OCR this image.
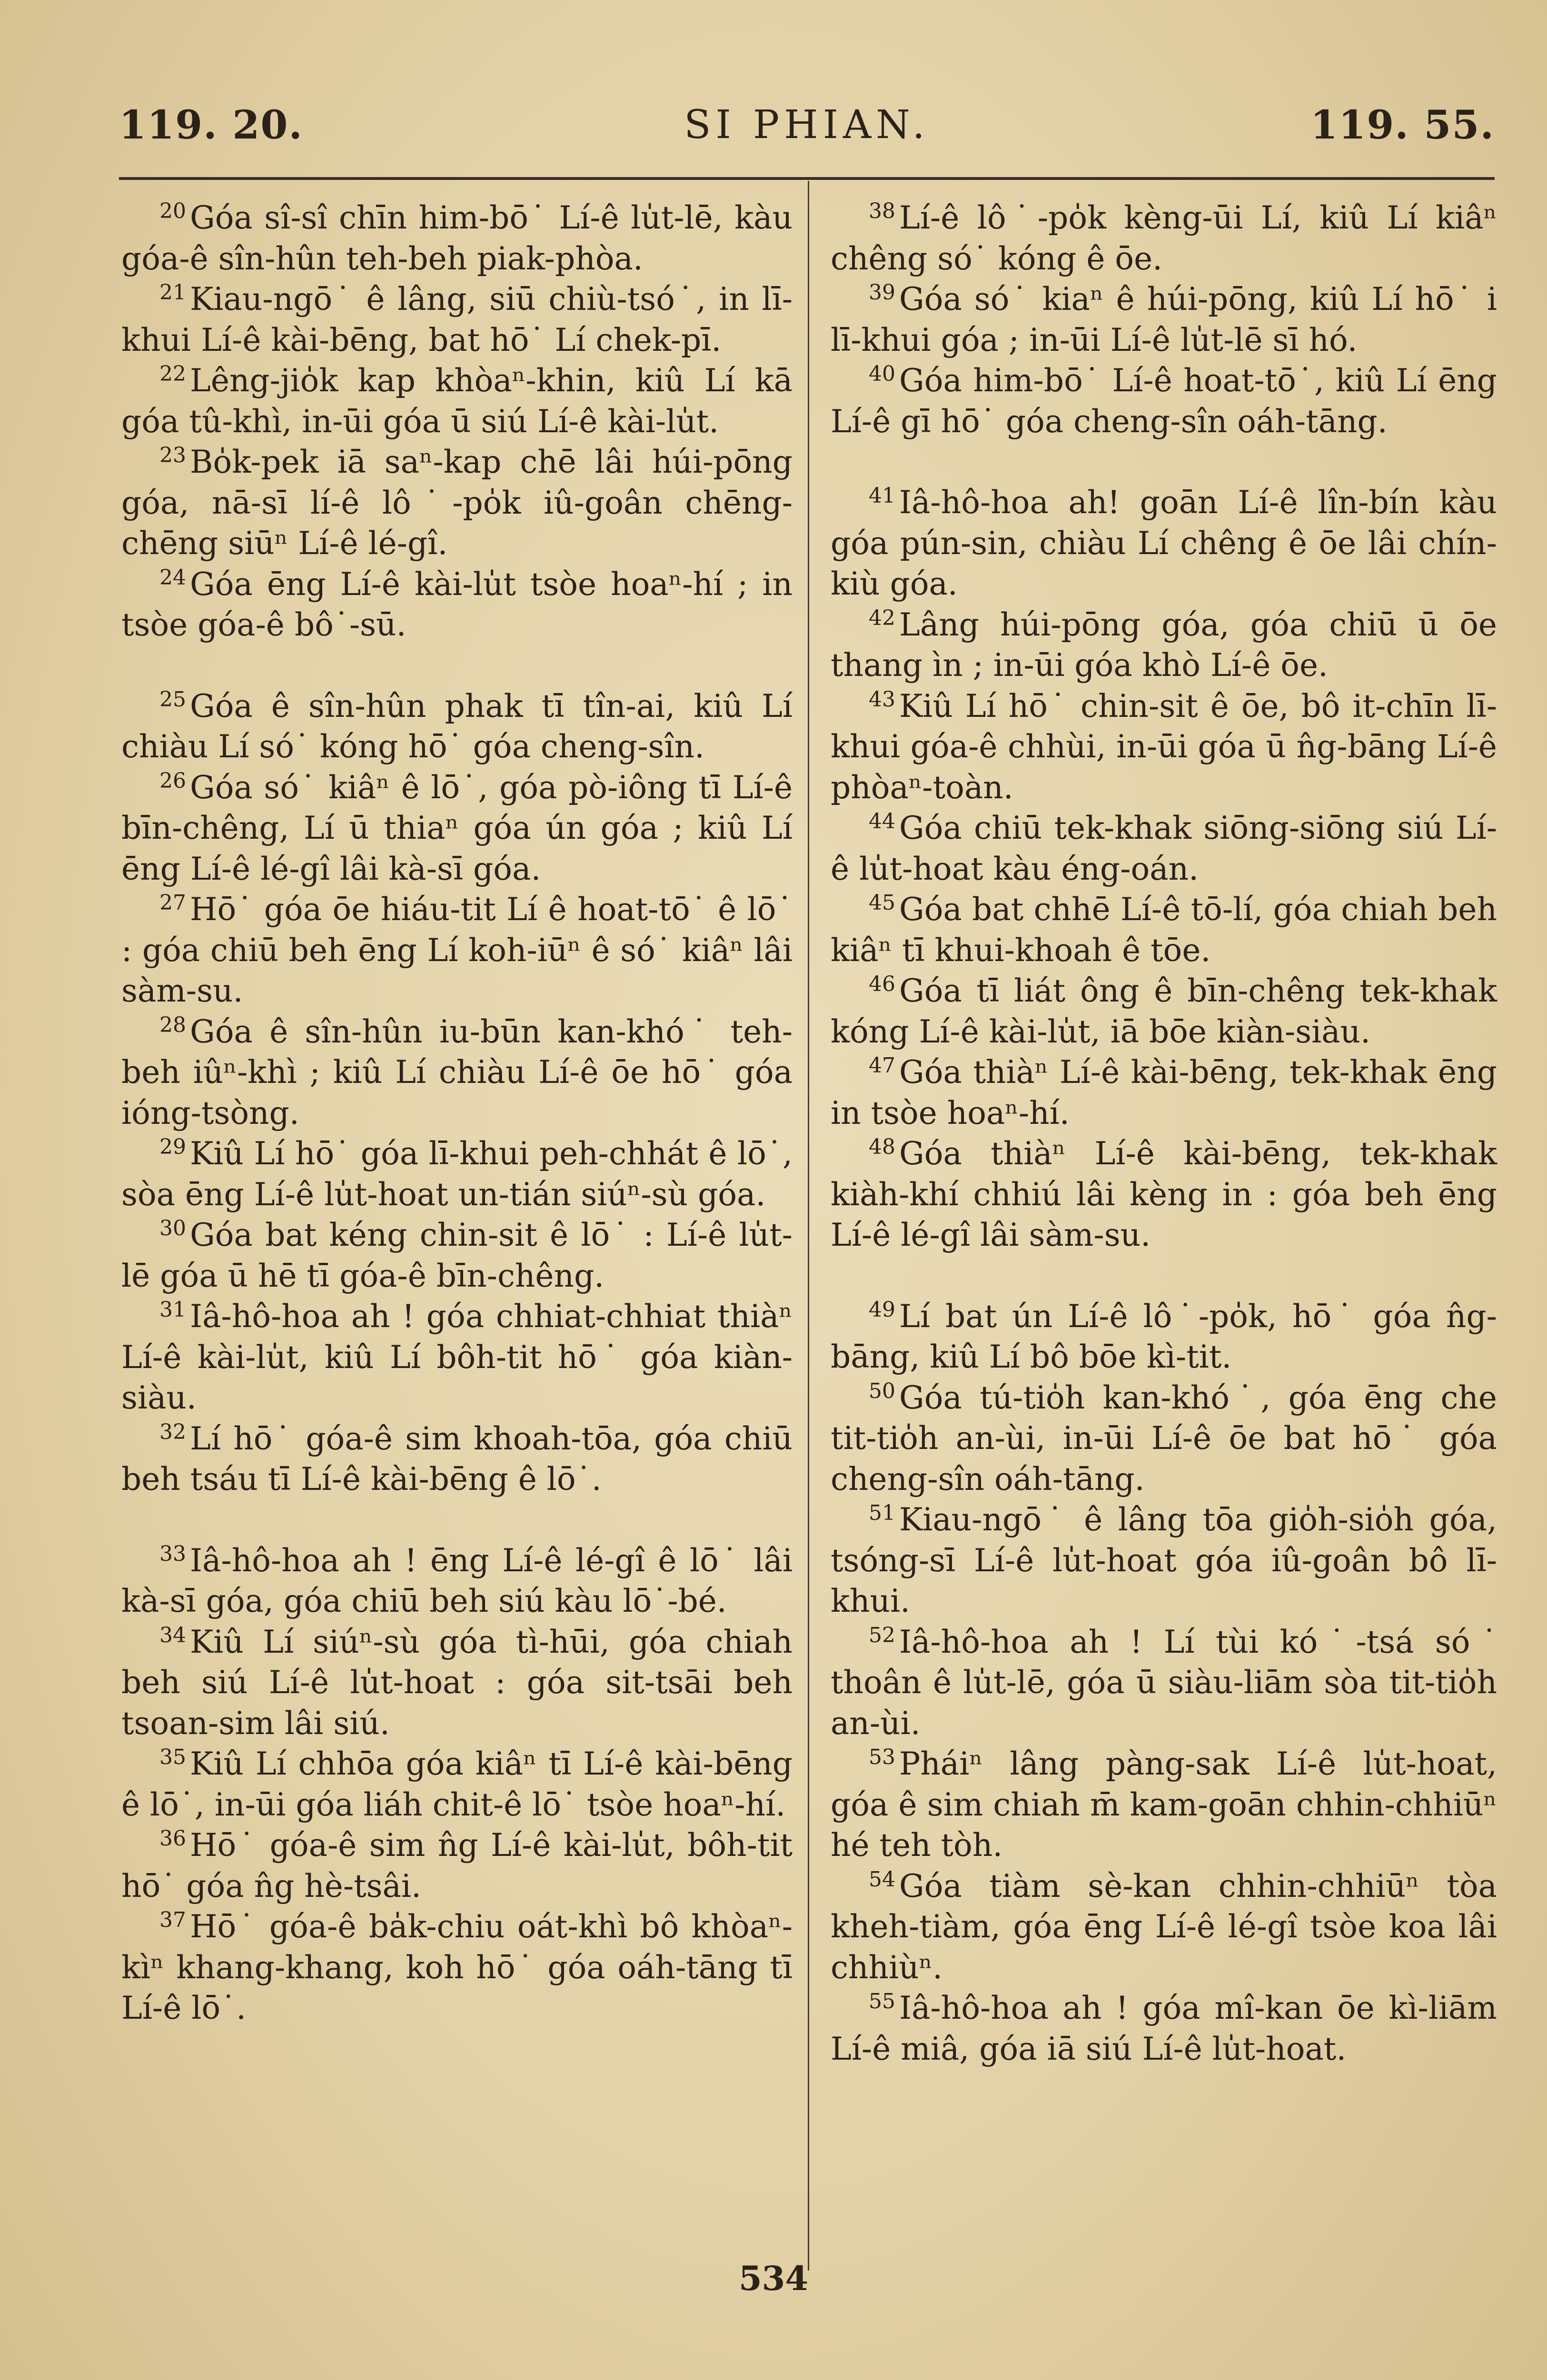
119. 20.	SI PHIAN.	119. 55.

$^{20}$ Góa sî-sî chīn him-bō˙ Lí-ê lu̍t-lē, kàu góa-ê sîn-hûn teh-beh piak-phòa.

$^{21}$ Kiau-ngō˙ ê lâng, siū chiù-tsó˙, in lī-khui Lí-ê kài-bēng, bat hō˙ Lí chek-pī.

$^{22}$ Lêng-jio̍k kap khòaⁿ-khin, kiû Lí kā góa tû-khì, in-ūi góa ū siú Lí-ê kài-lu̍t.

$^{23}$ Bo̍k-pek iā saⁿ-kap chē lâi húi-pōng góa, nā-sī lí-ê lô˙-po̍k iû-goân chēng-chēng siūⁿ Lí-ê lé-gî.

$^{24}$ Góa ēng Lí-ê kài-lu̍t tsòe hoaⁿ-hí ; in tsòe góa-ê bô˙-sū.

$^{25}$ Góa ê sîn-hûn phak tī tîn-ai, kiû Lí chiàu Lí só˙ kóng hō˙ góa cheng-sîn.

$^{26}$ Góa só˙ kiâⁿ ê lō˙, góa pò-iông tī Lí-ê bīn-chêng, Lí ū thiaⁿ góa ún góa ; kiû Lí ēng Lí-ê lé-gî lâi kà-sī góa.

$^{27}$ Hō˙ góa ōe hiáu-tit Lí ê hoat-tō˙ ê lō˙ : góa chiū beh ēng Lí koh-iūⁿ ê só˙ kiâⁿ lâi sàm-su.

$^{28}$ Góa ê sîn-hûn iu-būn kan-khó˙ teh-beh iûⁿ-khì ; kiû Lí chiàu Lí-ê ōe hō˙ góa ióng-tsòng.

$^{29}$ Kiû Lí hō˙ góa lī-khui peh-chhát ê lō˙, sòa ēng Lí-ê lu̍t-hoat un-tián siúⁿ-sù góa.

$^{30}$ Góa bat kéng chin-sit ê lō˙ : Lí-ê lu̍t-lē góa ū hē tī góa-ê bīn-chêng.

$^{31}$ Iâ-hô-hoa ah ! góa chhiat-chhiat thiàⁿ Lí-ê kài-lu̍t, kiû Lí bôh-tit hō˙ góa kiàn-siàu.

$^{32}$ Lí hō˙ góa-ê sim khoah-tōa, góa chiū beh tsáu tī Lí-ê kài-bēng ê lō˙.

$^{33}$ Iâ-hô-hoa ah ! ēng Lí-ê lé-gî ê lō˙ lâi kà-sī góa, góa chiū beh siú kàu lō˙-bé.

$^{34}$ Kiû Lí siúⁿ-sù góa tì-hūi, góa chiah beh siú Lí-ê lu̍t-hoat : góa sit-tsāi beh tsoan-sim lâi siú.

$^{35}$ Kiû Lí chhōa góa kiâⁿ tī Lí-ê kài-bēng ê lō˙, in-ūi góa liáh chit-ê lō˙ tsòe hoaⁿ-hí.

$^{36}$ Hō˙ góa-ê sim n̂g Lí-ê kài-lu̍t, bôh-tit hō˙ góa n̂g hè-tsâi.

$^{37}$ Hō˙ góa-ê ba̍k-chiu oát-khì bô khòaⁿ-kìⁿ khang-khang, koh hō˙ góa oáh-tāng tī Lí-ê lō˙.

$^{38}$ Lí-ê lô˙-po̍k kèng-ūi Lí, kiû Lí kiâⁿ chêng só˙ kóng ê ōe.

$^{39}$ Góa só˙ kiaⁿ ê húi-pōng, kiû Lí hō˙ i lī-khui góa ; in-ūi Lí-ê lu̍t-lē sī hó.

$^{40}$ Góa him-bō˙ Lí-ê hoat-tō˙, kiû Lí ēng Lí-ê gī hō˙ góa cheng-sîn oáh-tāng.

$^{41}$ Iâ-hô-hoa ah! goān Lí-ê lîn-bín kàu góa pún-sin, chiàu Lí chêng ê ōe lâi chín-kiù góa.

$^{42}$ Lâng húi-pōng góa, góa chiū ū ōe thang ìn ; in-ūi góa khò Lí-ê ōe.

$^{43}$ Kiû Lí hō˙ chin-sit ê ōe, bô it-chīn lī-khui góa-ê chhùi, in-ūi góa ū n̂g-bāng Lí-ê phòaⁿ-toàn.

$^{44}$ Góa chiū tek-khak siōng-siōng siú Lí-ê lu̍t-hoat kàu éng-oán.

$^{45}$ Góa bat chhē Lí-ê tō-lí, góa chiah beh kiâⁿ tī khui-khoah ê tōe.

$^{46}$ Góa tī liát ông ê bīn-chêng tek-khak kóng Lí-ê kài-lu̍t, iā bōe kiàn-siàu.

$^{47}$ Góa thiàⁿ Lí-ê kài-bēng, tek-khak ēng in tsòe hoaⁿ-hí.

$^{48}$ Góa thiàⁿ Lí-ê kài-bēng, tek-khak kiàh-khí chhiú lâi kèng in : góa beh ēng Lí-ê lé-gî lâi sàm-su.

$^{49}$ Lí bat ún Lí-ê lô˙-po̍k, hō˙ góa n̂g-bāng, kiû Lí bô bōe kì-tit.

$^{50}$ Góa tú-tio̍h kan-khó˙, góa ēng che tit-tio̍h an-ùi, in-ūi Lí-ê ōe bat hō˙ góa cheng-sîn oáh-tāng.

$^{51}$ Kiau-ngō˙ ê lâng tōa gio̍h-sio̍h góa, tsóng-sī Lí-ê lu̍t-hoat góa iû-goân bô lī-khui.

$^{52}$ Iâ-hô-hoa ah ! Lí tùi kó˙-tsá só˙ thoân ê lu̍t-lē, góa ū siàu-liām sòa tit-tio̍h an-ùi.

$^{53}$ Pháiⁿ lâng pàng-sak Lí-ê lu̍t-hoat, góa ê sim chiah m̄ kam-goān chhin-chhiūⁿ hé teh tòh.

$^{54}$ Góa tiàm sè-kan chhin-chhiūⁿ tòa kheh-tiàm, góa ēng Lí-ê lé-gî tsòe koa lâi chhiùⁿ.

$^{55}$ Iâ-hô-hoa ah ! góa mî-kan ōe kì-liām Lí-ê miâ, góa iā siú Lí-ê lu̍t-hoat.

534
